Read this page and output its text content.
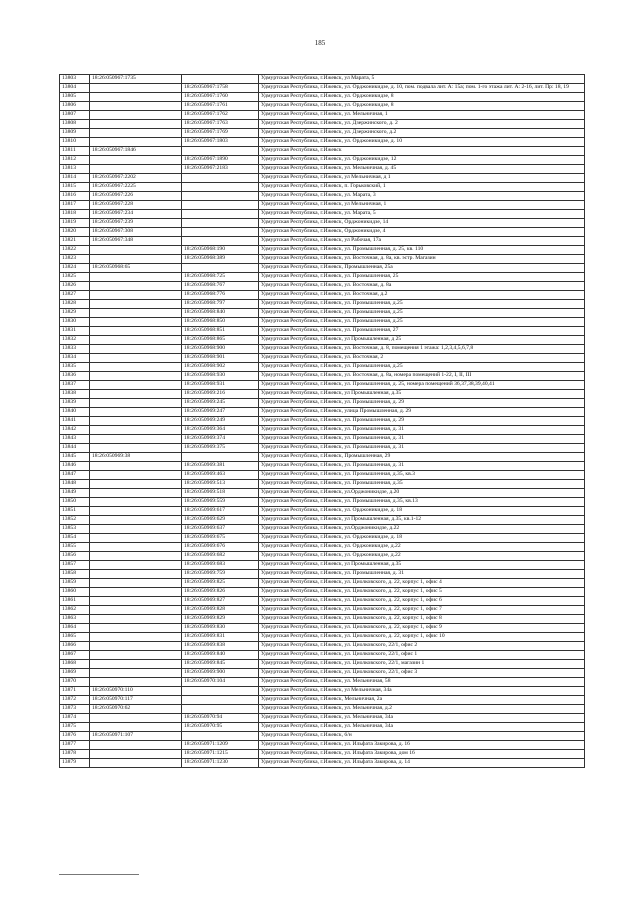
185
13803	18:26:050967:1735		Удмуртская Республика, г.Ижевск, ул Марата, 5
13804		18:26:050967:1758	Удмуртская Республика, г.Ижевск, ул. Орджоникидзе, д. 10, пом. подвала лит. А: 15а; пом. 1-го этажа лит. А: 2-16, лит. Пр: 18, 19
13805		18:26:050967:1760	Удмуртская Республика, г.Ижевск, ул. Орджоникидзе, 8
13806		18:26:050967:1761	Удмуртская Республика, г.Ижевск, ул. Орджоникидзе, 8
13807		18:26:050967:1762	Удмуртская Республика, г.Ижевск, ул. Мельничная, 1
13808		18:26:050967:1763	Удмуртская Республика, г.Ижевск, ул. Дзержинского, д. 2
13809		18:26:050967:1769	Удмуртская Республика, г.Ижевск, ул. Дзержинского, д.2
13810		18:26:050967:1803	Удмуртская Республика, г.Ижевск, ул. Орджоникидзе, д. 10
13811	18:26:050967:1846		Удмуртская Республика, г.Ижевск
13812		18:26:050967:1890	Удмуртская Республика, г.Ижевск, ул. Орджоникидзе, 12
13813		18:26:050967:2183	Удмуртская Республика, г.Ижевск, ул. Мельничная, д. 45
13814	18:26:050967:2202		Удмуртская Республика, г.Ижевск, ул Мельничная, д 1
13815	18:26:050967:2225		Удмуртская Республика, г.Ижевск, п. Горьковский, 1
13816	18:26:050967:226		Удмуртская Республика, г.Ижевск, ул. Марата, 3
13817	18:26:050967:228		Удмуртская Республика, г.Ижевск, ул Мельничная, 1
13818	18:26:050967:234		Удмуртская Республика, г.Ижевск, ул. Марата, 5
13819	18:26:050967:239		Удмуртская Республика, г.Ижевск, Орджоникидзе, 14
13820	18:26:050967:308		Удмуртская Республика, г.Ижевск, Орджоникидзе, 4
13821	18:26:050967:348		Удмуртская Республика, г.Ижевск, ул Рабочая, 17а
13822		18:26:050968:190	Удмуртская Республика, г.Ижевск, ул. Промышленная, д. 25, кв. 110
13823		18:26:050968:389	Удмуртская Республика, г.Ижевск, ул. Восточная, д. 8а, кв. эстр. Магазин
13824	18:26:050968:65		Удмуртская Республика, г.Ижевск, Промышленная, 25а
13825		18:26:050968:725	Удмуртская Республика, г.Ижевск, ул. Промышленная, 25
13826		18:26:050968:767	Удмуртская Республика, г.Ижевск, ул. Восточная, д. 8а
13827		18:26:050968:776	Удмуртская Республика, г.Ижевск, ул. Восточная, д.2
13828		18:26:050968:797	Удмуртская Республика, г.Ижевск, ул. Промышленная, д.25
13829		18:26:050968:840	Удмуртская Республика, г.Ижевск, ул. Промышленная, д.25
13830		18:26:050968:850	Удмуртская Республика, г.Ижевск, ул. Промышленная, д.25
13831		18:26:050968:851	Удмуртская Республика, г.Ижевск, ул. Промышленная, 27
13832		18:26:050968:865	Удмуртская Республика, г.Ижевск, ул Промышленная, д 25
13833		18:26:050968:900	Удмуртская Республика, г.Ижевск, ул. Восточная, д. 8, помещения 1 этажа: 1,2,3,4,5,6,7,8
13834		18:26:050968:901	Удмуртская Республика, г.Ижевск, ул. Восточная, 2
13835		18:26:050968:902	Удмуртская Республика, г.Ижевск, ул. Промышленная, д.25
13836		18:26:050968:930	Удмуртская Республика, г.Ижевск, ул. Восточная, д. 8а, номера помещений 1-22, I, II, III
13837		18:26:050968:931	Удмуртская Республика, г.Ижевск, ул. Промышленная, д. 25, номера помещений 36,37,38,39,40,41
13838		18:26:050969:216	Удмуртская Республика, г.Ижевск, ул Промышленная, д.35
13839		18:26:050969:245	Удмуртская Республика, г.Ижевск, ул. Промышленная, д. 29
13840		18:26:050969:247	Удмуртская Республика, г.Ижевск, улица Промышленная, д. 29
13841		18:26:050969:249	Удмуртская Республика, г.Ижевск, ул. Промышленная, д. 29
13842		18:26:050969:364	Удмуртская Республика, г.Ижевск, ул. Промышленная, д. 31
13843		18:26:050969:374	Удмуртская Республика, г.Ижевск, ул. Промышленная, д. 31
13844		18:26:050969:375	Удмуртская Республика, г.Ижевск, ул. Промышленная, д. 31
13845	18:26:050969:38		Удмуртская Республика, г.Ижевск, Промышленная, 29
13846		18:26:050969:381	Удмуртская Республика, г.Ижевск, ул. Промышленная, д. 31
13847		18:26:050969:463	Удмуртская Республика, г.Ижевск, ул. Промышленная, д.35, кв.3
13848		18:26:050969:513	Удмуртская Республика, г.Ижевск, ул. Промышленная, д.35
13849		18:26:050969:518	Удмуртская Республика, г.Ижевск, ул.Орджоникидзе, д.20
13850		18:26:050969:559	Удмуртская Республика, г.Ижевск, ул. Промышленная, д.35, кв.13
13851		18:26:050969:617	Удмуртская Республика, г.Ижевск, ул. Орджоникидзе, д. 18
13852		18:26:050969:629	Удмуртская Республика, г.Ижевск, ул Промышленная, д.35, кв.1-12
13853		18:26:050969:637	Удмуртская Республика, г.Ижевск, ул.Орджоникидзе, д.22
13854		18:26:050969:675	Удмуртская Республика, г.Ижевск, ул. Орджоникидзе, д. 18
13855		18:26:050969:676	Удмуртская Республика, г.Ижевск, ул. Орджоникидзе, д.22
13856		18:26:050969:682	Удмуртская Республика, г.Ижевск, ул. Орджоникидзе, д.22
13857		18:26:050969:683	Удмуртская Республика, г.Ижевск, ул Промышленная, д.35
13858		18:26:050969:759	Удмуртская Республика, г.Ижевск, ул. Промышленная, д. 31
13859		18:26:050969:825	Удмуртская Республика, г.Ижевск, ул. Циолковского, д. 22, корпус 1, офис 4
13860		18:26:050969:826	Удмуртская Республика, г.Ижевск, ул. Циолковского, д. 22, корпус 1, офис 5
13861		18:26:050969:827	Удмуртская Республика, г.Ижевск, ул. Циолковского, д. 22, корпус 1, офис 6
13862		18:26:050969:828	Удмуртская Республика, г.Ижевск, ул. Циолковского, д. 22, корпус 1, офис 7
13863		18:26:050969:829	Удмуртская Республика, г.Ижевск, ул. Циолковского, д. 22, корпус 1, офис 8
13864		18:26:050969:830	Удмуртская Республика, г.Ижевск, ул. Циолковского, д. 22, корпус 1, офис 9
13865		18:26:050969:831	Удмуртская Республика, г.Ижевск, ул. Циолковского, д. 22, корпус 1, офис 10
13866		18:26:050969:838	Удмуртская Республика, г.Ижевск, ул. Циолковского, 22/1, офис 2
13867		18:26:050969:840	Удмуртская Республика, г.Ижевск, ул. Циолковского, 22/1, офис 1
13868		18:26:050969:845	Удмуртская Республика, г.Ижевск, ул. Циолковского, 22/1, магазин 1
13869		18:26:050969:900	Удмуртская Республика, г.Ижевск, ул. Циолковского, 22/1, офис 3
13870		18:26:050970:104	Удмуртская Республика, г.Ижевск, ул. Мельничная, 58
13871	18:26:050970:110		Удмуртская Республика, г.Ижевск, ул Мельничная, 34а
13872	18:26:050970:117		Удмуртская Республика, г.Ижевск, Мельничная, 2а
13873	18:26:050970:62		Удмуртская Республика, г.Ижевск, ул. Мельничная, д.2
13874		18:26:050970:94	Удмуртская Республика, г.Ижевск, ул. Мельничная, 34а
13875		18:26:050970:95	Удмуртская Республика, г.Ижевск, ул. Мельничная, 34а
13876	18:26:050971:107		Удмуртская Республика, г.Ижевск, 6/н
13877		18:26:050971:1209	Удмуртская Республика, г.Ижевск, ул. Ильфата Закирова, д. 16
13878		18:26:050971:1215	Удмуртская Республика, г.Ижевск, ул. Ильфата Закирова, дом 16
13879		18:26:050971:1230	Удмуртская Республика, г.Ижевск, ул. Ильфата Закирова, д. 14
